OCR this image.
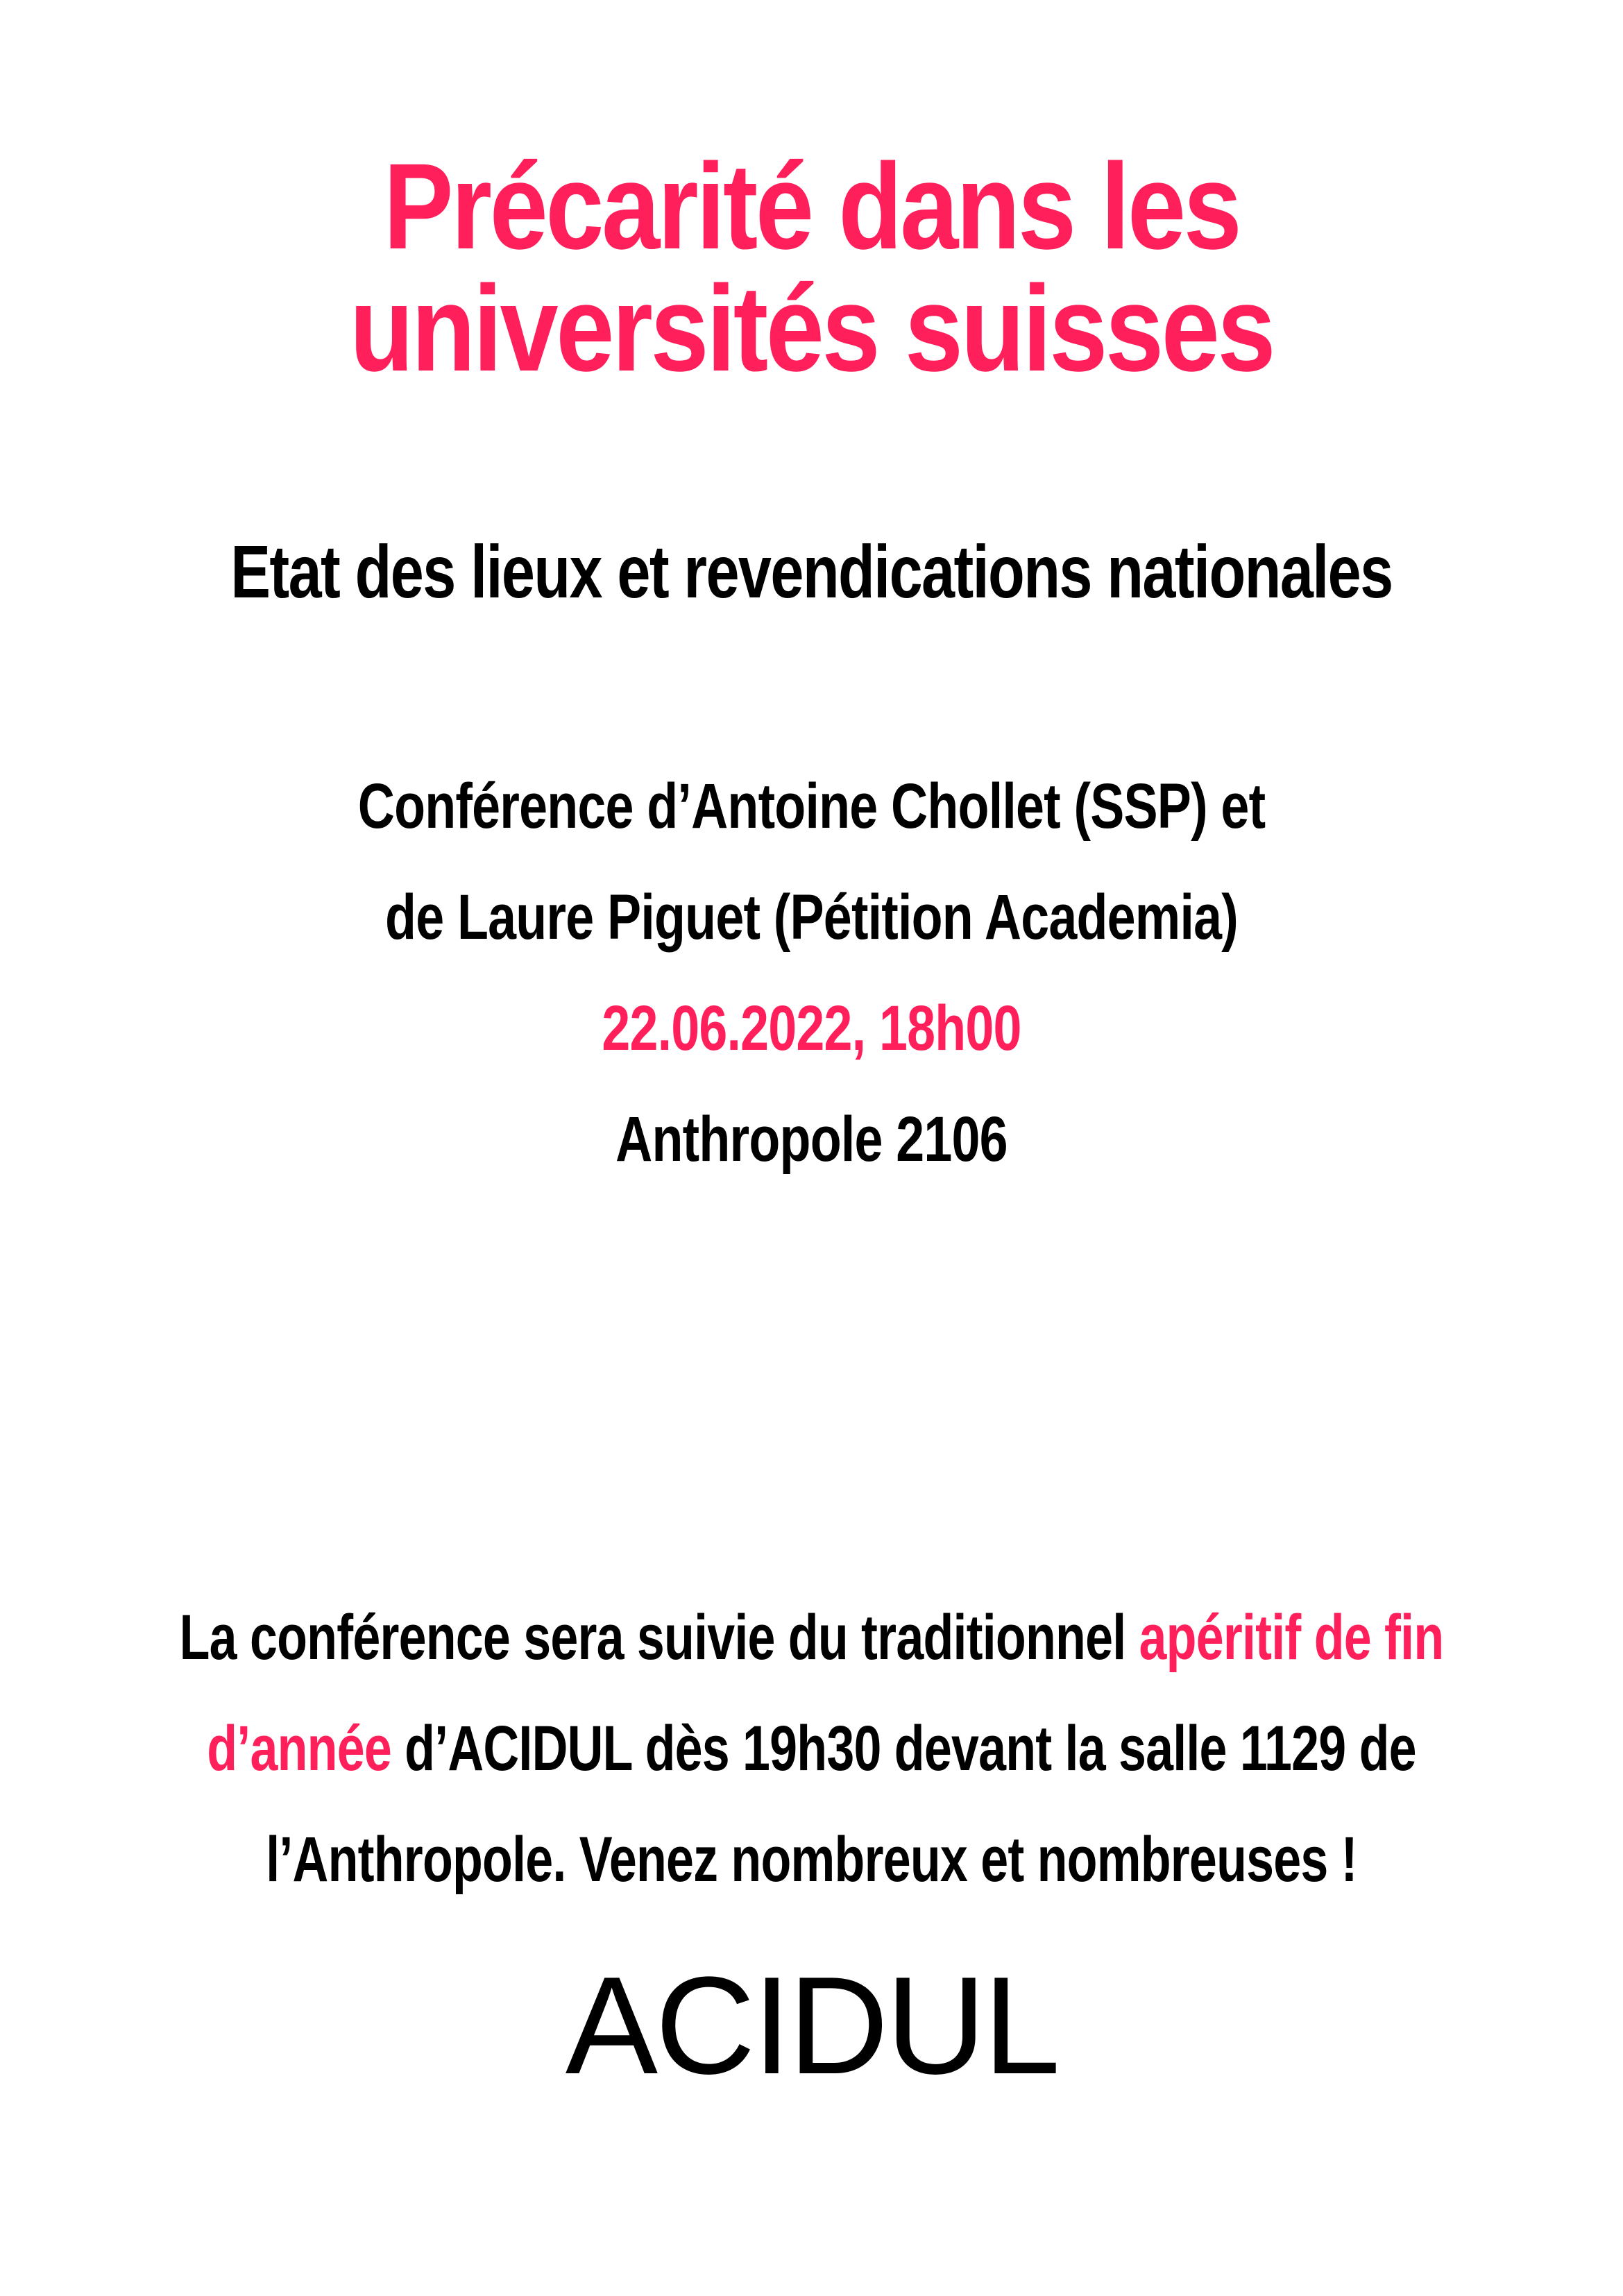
Précarité dans les
universités suisses
Etat des lieux et revendications nationales

Conférence d’Antoine Chollet (SSP) et

de Laure Piguet (Pétition Academia)

22.06.2022, 18h00

Anthropole 2106

La conférence sera suivie du traditionnel apéritif de fin

d’année d’ACIDUL dès 19h30 devant la salle 1129 de

l’Anthropole. Venez nombreux et nombreuses !

ACIDUL
